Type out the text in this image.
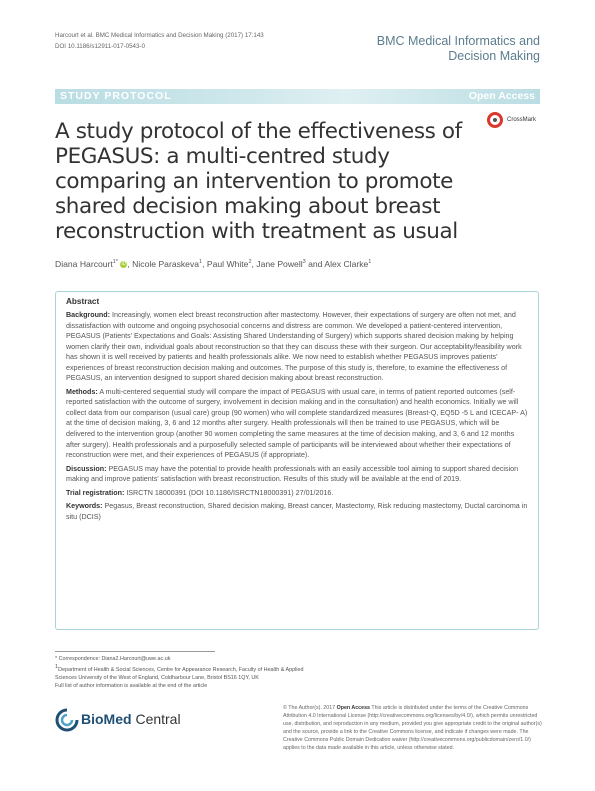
Harcourt et al. BMC Medical Informatics and Decision Making (2017) 17:143
DOI 10.1186/s12911-017-0543-0	BMC Medical Informatics and
Decision Making
STUDY PROTOCOL	Open Access
A study protocol of the effectiveness of PEGASUS: a multi-centred study comparing an intervention to promote shared decision making about breast reconstruction with treatment as usual
CrossMark
Diana Harcourt$^{1*}$ iD, Nicole Paraskeva$^1$, Paul White$^2$, Jane Powell$^3$ and Alex Clarke$^1$
Abstract

Background: Increasingly, women elect breast reconstruction after mastectomy. However, their expectations of surgery are often not met, and dissatisfaction with outcome and ongoing psychosocial concerns and distress are common. We developed a patient-centered intervention, PEGASUS (Patients' Expectations and Goals: Assisting Shared Understanding of Surgery) which supports shared decision making by helping women clarify their own, individual goals about reconstruction so that they can discuss these with their surgeon. Our acceptability/feasibility work has shown it is well received by patients and health professionals alike. We now need to establish whether PEGASUS improves patients' experiences of breast reconstruction decision making and outcomes. The purpose of this study is, therefore, to examine the effectiveness of PEGASUS, an intervention designed to support shared decision making about breast reconstruction.

Methods: A multi-centered sequential study will compare the impact of PEGASUS with usual care, in terms of patient reported outcomes (self-reported satisfaction with the outcome of surgery, involvement in decision making and in the consultation) and health economics. Initially we will collect data from our comparison (usual care) group (90 women) who will complete standardized measures (Breast-Q, EQ5D -5 L and ICECAP- A) at the time of decision making, 3, 6 and 12 months after surgery. Health professionals will then be trained to use PEGASUS, which will be delivered to the intervention group (another 90 women completing the same measures at the time of decision making, and 3, 6 and 12 months after surgery). Health professionals and a purposefully selected sample of participants will be interviewed about whether their expectations of reconstruction were met, and their experiences of PEGASUS (if appropriate).

Discussion: PEGASUS may have the potential to provide health professionals with an easily accessible tool aiming to support shared decision making and improve patients' satisfaction with breast reconstruction. Results of this study will be available at the end of 2019.

Trial registration: ISRCTN 18000391 (DOI 10.1186/ISRCTN18000391) 27/01/2016.

Keywords: Pegasus, Breast reconstruction, Shared decision making, Breast cancer, Mastectomy, Risk reducing mastectomy, Ductal carcinoma in situ (DCIS)

* Correspondence: Diana2.Harcourt@uwe.ac.uk
$^1$Department of Health & Social Sciences, Centre for Appearance Research, Faculty of Health & Applied Sciences University of the West of England, Coldharbour Lane, Bristol BS16 1QY, UK
Full list of author information is available at the end of the article
BioMed Central
© The Author(s). 2017 Open Access This article is distributed under the terms of the Creative Commons Attribution 4.0 International License (http://creativecommons.org/licenses/by/4.0/), which permits unrestricted use, distribution, and reproduction in any medium, provided you give appropriate credit to the original author(s) and the source, provide a link to the Creative Commons license, and indicate if changes were made. The Creative Commons Public Domain Dedication waiver (http://creativecommons.org/publicdomain/zero/1.0/) applies to the data made available in this article, unless otherwise stated.
